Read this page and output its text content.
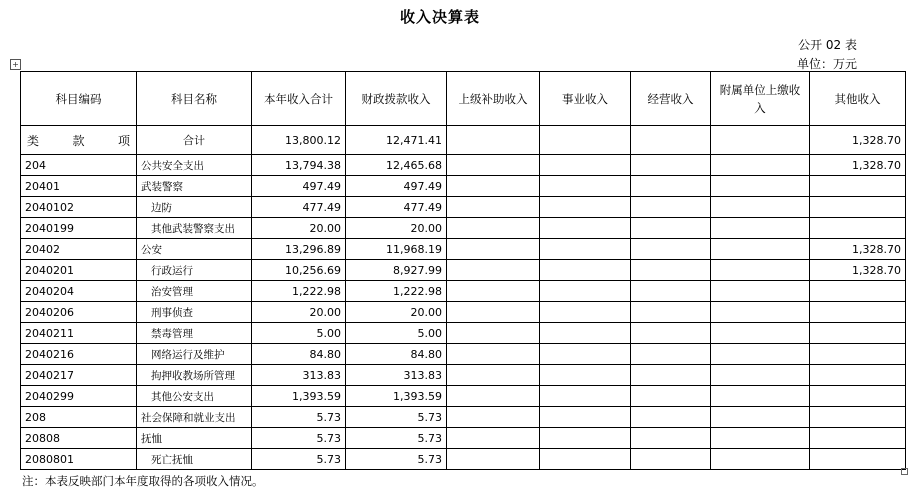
收入决算表
公开 02 表
单位：万元
+
科目编码	科目名称	本年收入合计	财政拨款收入	上级补助收入	事业收入	经营收入	附属单位上缴收入	其他收入

类 款 项	合计	13,800.12	12,471.41					1,328.70
204	公共安全支出	13,794.38	12,465.68					1,328.70
20401	武装警察	497.49	497.49					
2040102	边防	477.49	477.49					
2040199	其他武装警察支出	20.00	20.00					
20402	公安	13,296.89	11,968.19					1,328.70
2040201	行政运行	10,256.69	8,927.99					1,328.70
2040204	治安管理	1,222.98	1,222.98					
2040206	刑事侦查	20.00	20.00					
2040211	禁毒管理	5.00	5.00					
2040216	网络运行及维护	84.80	84.80					
2040217	拘押收教场所管理	313.83	313.83					
2040299	其他公安支出	1,393.59	1,393.59					
208	社会保障和就业支出	5.73	5.73					
20808	抚恤	5.73	5.73					
2080801	死亡抚恤	5.73	5.73					
注：本表反映部门本年度取得的各项收入情况。
